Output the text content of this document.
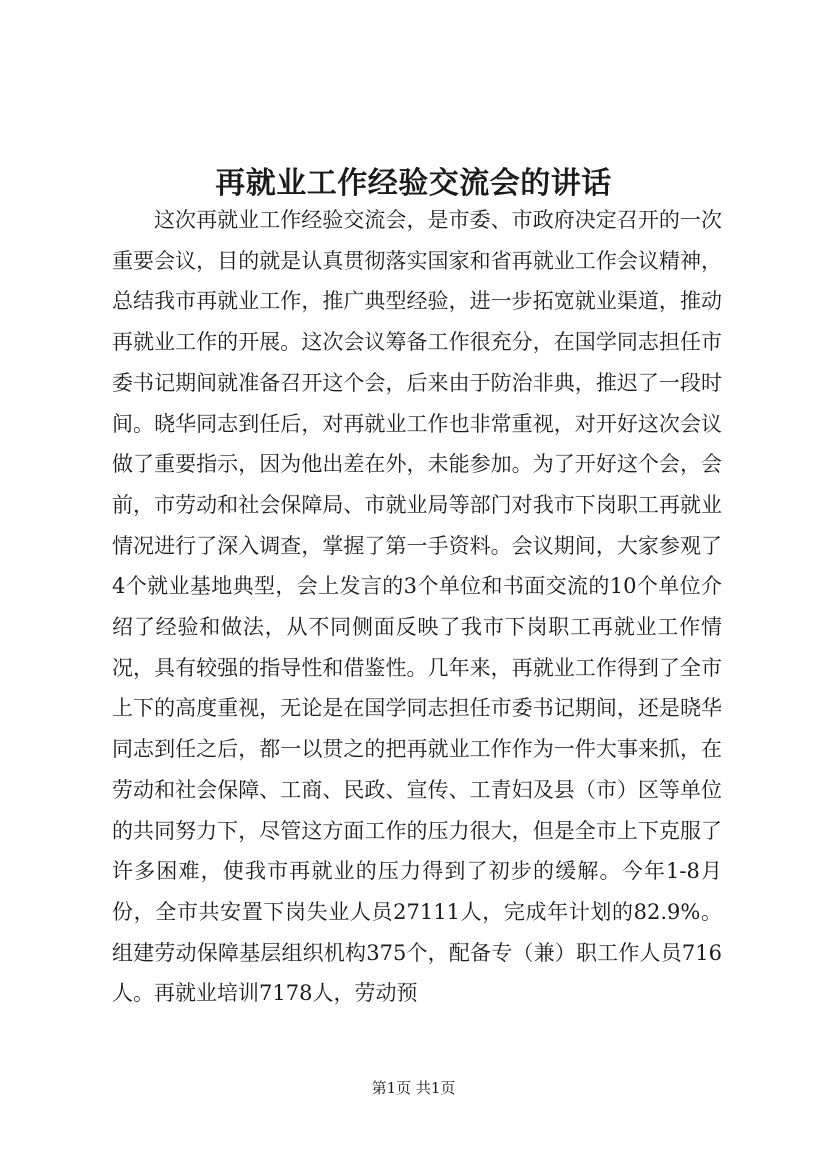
再就业工作经验交流会的讲话

这次再就业工作经验交流会，是市委、市政府决定召开的一次重要会议，目的就是认真贯彻落实国家和省再就业工作会议精神，总结我市再就业工作，推广典型经验，进一步拓宽就业渠道，推动再就业工作的开展。这次会议筹备工作很充分，在国学同志担任市委书记期间就准备召开这个会，后来由于防治非典，推迟了一段时间。晓华同志到任后，对再就业工作也非常重视，对开好这次会议做了重要指示，因为他出差在外，未能参加。为了开好这个会，会前，市劳动和社会保障局、市就业局等部门对我市下岗职工再就业情况进行了深入调查，掌握了第一手资料。会议期间，大家参观了4个就业基地典型，会上发言的3个单位和书面交流的10个单位介绍了经验和做法，从不同侧面反映了我市下岗职工再就业工作情况，具有较强的指导性和借鉴性。几年来，再就业工作得到了全市上下的高度重视，无论是在国学同志担任市委书记期间，还是晓华同志到任之后，都一以贯之的把再就业工作作为一件大事来抓，在劳动和社会保障、工商、民政、宣传、工青妇及县（市）区等单位的共同努力下，尽管这方面工作的压力很大，但是全市上下克服了许多困难，使我市再就业的压力得到了初步的缓解。今年1-8月份，全市共安置下岗失业人员27111人，完成年计划的82.9%。组建劳动保障基层组织机构375个，配备专（兼）职工作人员716人。再就业培训7178人，劳动预

第1页 共1页
